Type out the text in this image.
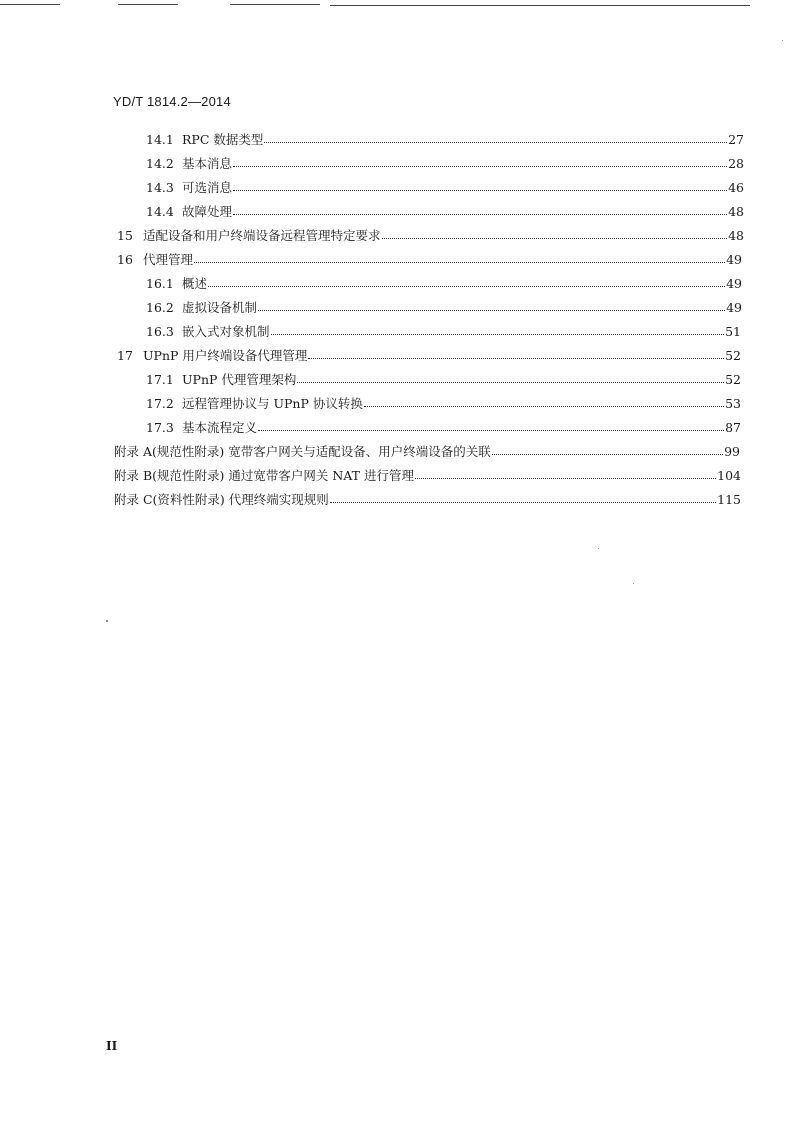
YD/T 1814.2—2014
14.1 RPC 数据类型	27
14.2 基本消息	28
14.3 可选消息	46
14.4 故障处理	48
15 适配设备和用户终端设备远程管理特定要求	48
16 代理管理	49
16.1 概述	49
16.2 虚拟设备机制	49
16.3 嵌入式对象机制	51
17 UPnP 用户终端设备代理管理	52
17.1 UPnP 代理管理架构	52
17.2 远程管理协议与 UPnP 协议转换	53
17.3 基本流程定义	87
附录 A (规范性附录) 宽带客户网关与适配设备、用户终端设备的关联	99
附录 B (规范性附录) 通过宽带客户网关 NAT 进行管理	104
附录 C (资料性附录) 代理终端实现规则	115
II
